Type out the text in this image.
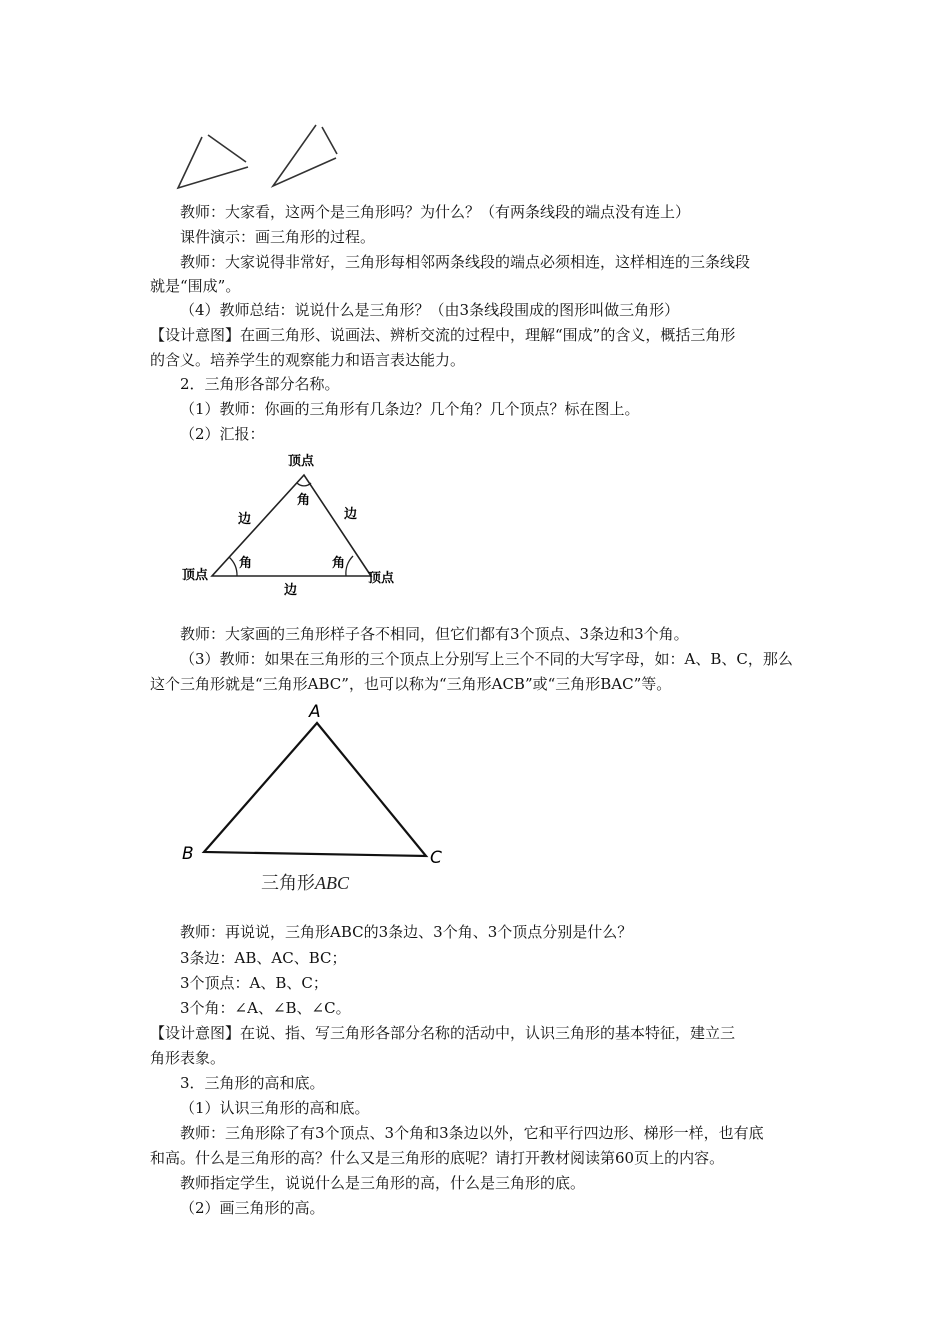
教师：大家看，这两个是三角形吗？为什么？（有两条线段的端点没有连上）

课件演示：画三角形的过程。

教师：大家说得非常好，三角形每相邻两条线段的端点必须相连，这样相连的三条线段

就是“围成”。

（4）教师总结：说说什么是三角形？（由3条线段围成的图形叫做三角形）

【设计意图】在画三角形、说画法、辨析交流的过程中，理解“围成”的含义，概括三角形

的含义。培养学生的观察能力和语言表达能力。

2．三角形各部分名称。

（1）教师：你画的三角形有几条边？几个角？几个顶点？标在图上。

（2）汇报：

顶点
顶点	顶点
角
角	角
边	边
边

教师：大家画的三角形样子各不相同，但它们都有3个顶点、3条边和3个角。

（3）教师：如果在三角形的三个顶点上分别写上三个不同的大写字母，如：A、B、C，那么

这个三角形就是“三角形ABC”，也可以称为“三角形ACB”或“三角形BAC”等。

A
B	C
三角形ABC

教师：再说说，三角形ABC的3条边、3个角、3个顶点分别是什么？

3条边：AB、AC、BC；

3个顶点：A、B、C；

3个角：∠A、∠B、∠C。

【设计意图】在说、指、写三角形各部分名称的活动中，认识三角形的基本特征，建立三

角形表象。

3．三角形的高和底。

（1）认识三角形的高和底。

教师：三角形除了有3个顶点、3个角和3条边以外，它和平行四边形、梯形一样，也有底

和高。什么是三角形的高？什么又是三角形的底呢？请打开教材阅读第60页上的内容。

教师指定学生，说说什么是三角形的高，什么是三角形的底。

（2）画三角形的高。
